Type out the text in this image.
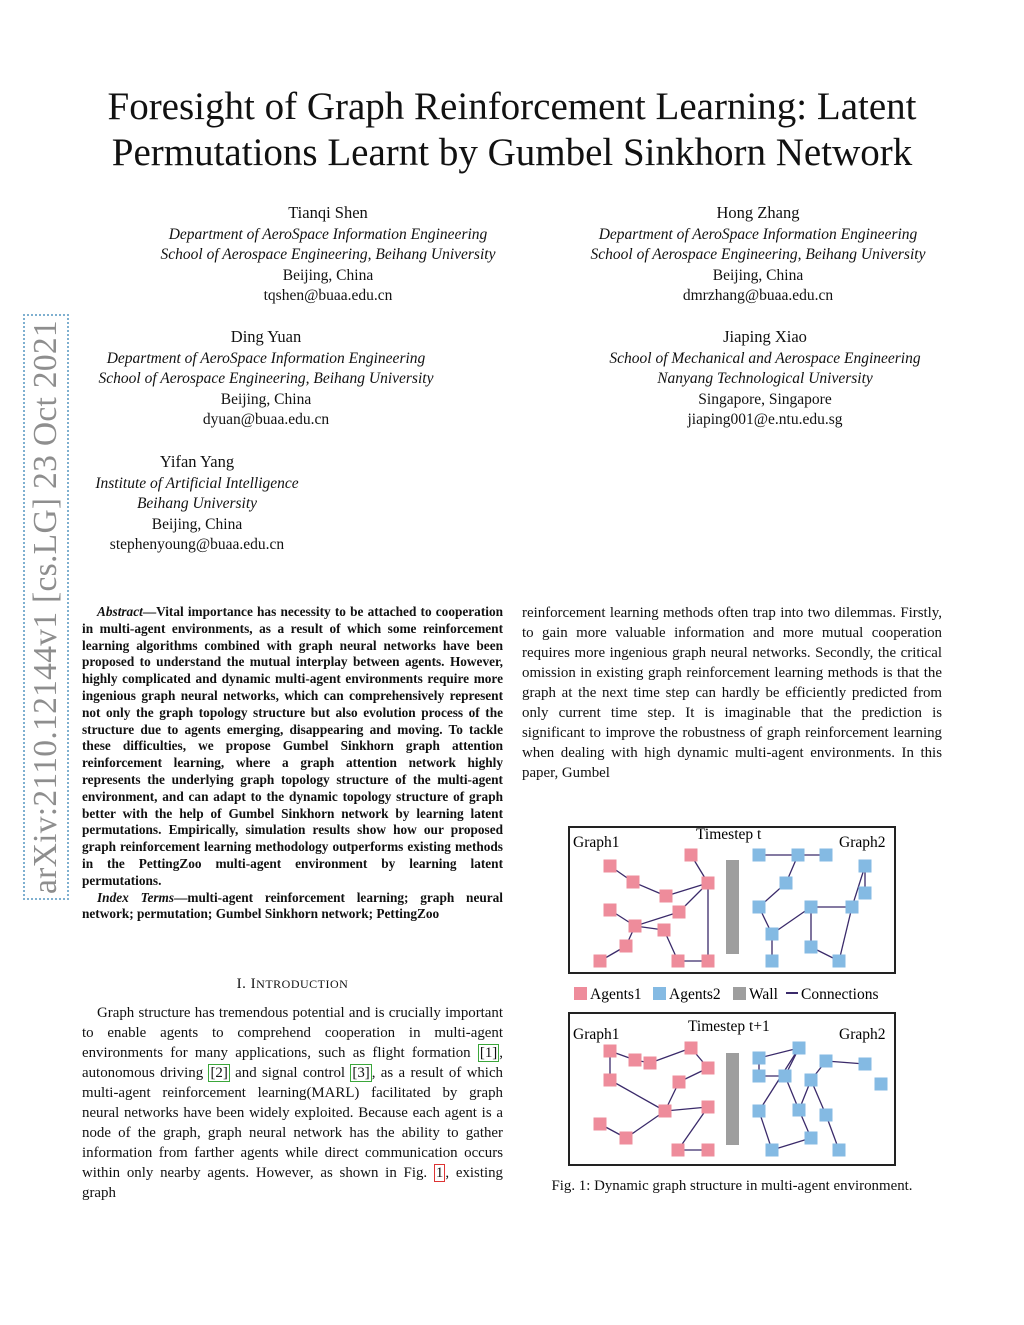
Foresight of Graph Reinforcement Learning: Latent
Permutations Learnt by Gumbel Sinkhorn Network
Tianqi Shen
Department of AeroSpace Information Engineering
School of Aerospace Engineering, Beihang University
Beijing, China
tqshen@buaa.edu.cn
Hong Zhang
Department of AeroSpace Information Engineering
School of Aerospace Engineering, Beihang University
Beijing, China
dmrzhang@buaa.edu.cn
Ding Yuan
Department of AeroSpace Information Engineering
School of Aerospace Engineering, Beihang University
Beijing, China
dyuan@buaa.edu.cn
Jiaping Xiao
School of Mechanical and Aerospace Engineering
Nanyang Technological University
Singapore, Singapore
jiaping001@e.ntu.edu.sg
Yifan Yang
Institute of Artificial Intelligence
Beihang University
Beijing, China
stephenyoung@buaa.edu.cn
arXiv:2110.12144v1 [cs.LG] 23 Oct 2021	Abstract—Vital importance has necessity to be attached to cooperation in multi-agent environments, as a result of which some reinforcement learning algorithms combined with graph neural networks have been proposed to understand the mutual interplay between agents. However, highly complicated and dynamic multi-agent environments require more ingenious graph neural networks, which can comprehensively represent not only the graph topology structure but also evolution process of the structure due to agents emerging, disappearing and moving. To tackle these difficulties, we propose Gumbel Sinkhorn graph attention reinforcement learning, where a graph attention network highly represents the underlying graph topology structure of the multi-agent environment, and can adapt to the dynamic topology structure of graph better with the help of Gumbel Sinkhorn network by learning latent permutations. Empirically, simulation results show how our proposed graph reinforcement learning methodology outperforms existing methods in the PettingZoo multi-agent environment by learning latent permutations.

Index Terms—multi-agent reinforcement learning; graph neural network; permutation; Gumbel Sinkhorn network; PettingZoo

I. INTRODUCTION
Graph structure has tremendous potential and is crucially important to enable agents to comprehend cooperation in multi-agent environments for many applications, such as flight formation [1] , autonomous driving [2] and signal control [3] , as a result of which multi-agent reinforcement learning(MARL) facilitated by graph neural networks have been widely exploited. Because each agent is a node of the graph, graph neural network has the ability to gather information from farther agents while direct communication occurs within only nearby agents. However, as shown in Fig. 1 , existing graph
reinforcement learning methods often trap into two dilemmas. Firstly, to gain more valuable information and more mutual cooperation requires more ingenious graph neural networks. Secondly, the critical omission in existing graph reinforcement learning methods is that the graph at the next time step can hardly be efficiently predicted from only current time step. It is imaginable that the prediction is significant to improve the robustness of graph reinforcement learning when dealing with high dynamic multi-agent environments. In this paper, Gumbel
Graph1	Timestep t	Graph2
Agents1 Agents2 Wall Connections
Graph1	Timestep t+1	Graph2
Fig. 1: Dynamic graph structure in multi-agent environment.
